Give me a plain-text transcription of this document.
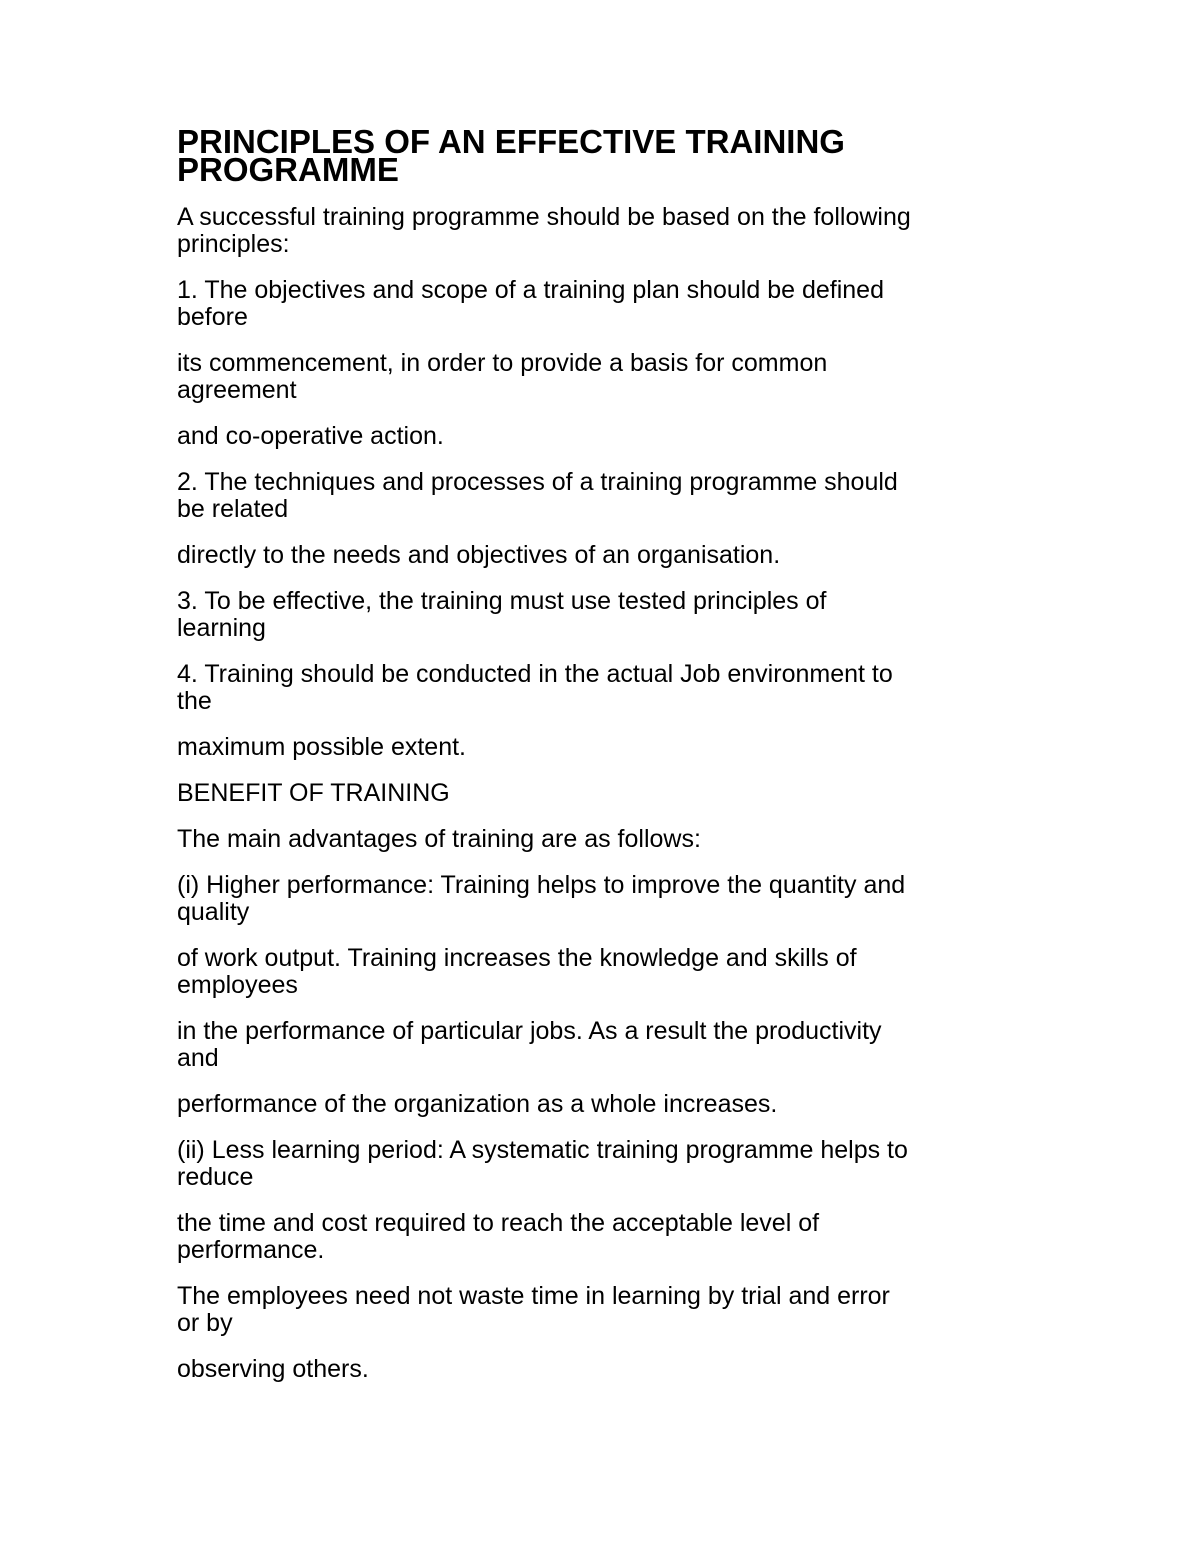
PRINCIPLES OF AN EFFECTIVE TRAINING
PROGRAMME
A successful training programme should be based on the following
principles:
1. The objectives and scope of a training plan should be defined
before
its commencement, in order to provide a basis for common
agreement
and co-operative action.
2. The techniques and processes of a training programme should
be related
directly to the needs and objectives of an organisation.
3. To be effective, the training must use tested principles of
learning
4. Training should be conducted in the actual Job environment to
the
maximum possible extent.
BENEFIT OF TRAINING
The main advantages of training are as follows:
(i) Higher performance: Training helps to improve the quantity and
quality
of work output. Training increases the knowledge and skills of
employees
in the performance of particular jobs. As a result the productivity
and
performance of the organization as a whole increases.
(ii) Less learning period: A systematic training programme helps to
reduce
the time and cost required to reach the acceptable level of
performance.
The employees need not waste time in learning by trial and error
or by
observing others.
